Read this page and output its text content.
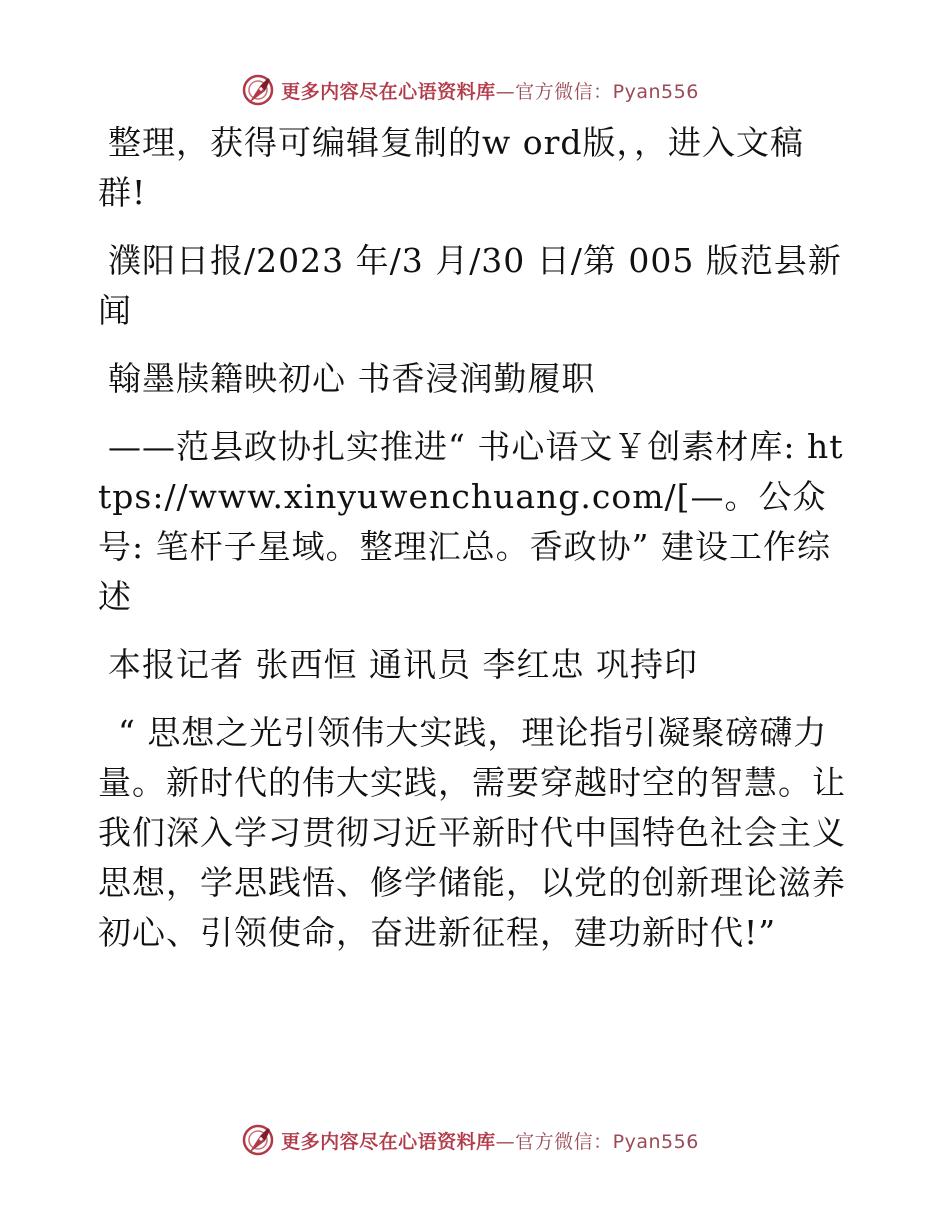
更多内容尽在心语资料库—官方微信：Pyan556

整理，获得可编辑复制的w ord版，，进入文稿群!

濮阳日报/2023 年/3 月/30 日/第 005 版范县新闻

翰墨牍籍映初心 书香浸润勤履职

——范县政协扎实推进“ 书心语文￥创素材库: https://www.xinyuwenchuang.com/[—。公众号: 笔杆子星域。整理汇总。香政协” 建设工作综述

本报记者 张西恒 通讯员 李红忠 巩持印

“ 思想之光引领伟大实践，理论指引凝聚磅礴力量。新时代的伟大实践，需要穿越时空的智慧。让我们深入学习贯彻习近平新时代中国特色社会主义思想，学思践悟、修学储能，以党的创新理论滋养初心、引领使命，奋进新征程，建功新时代!”

更多内容尽在心语资料库—官方微信：Pyan556
